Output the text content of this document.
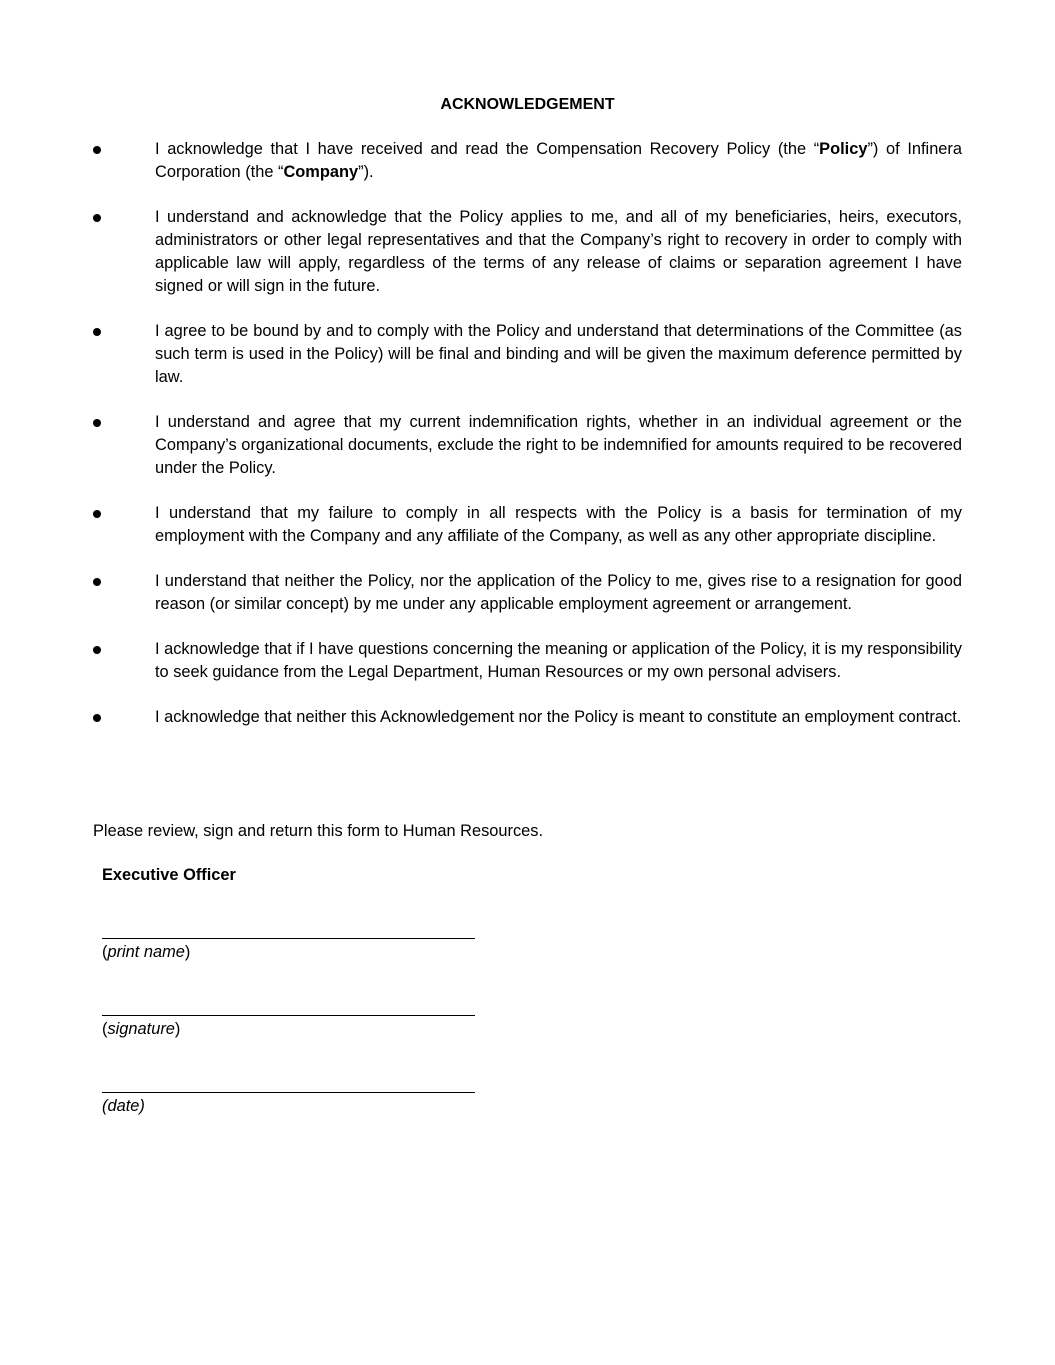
ACKNOWLEDGEMENT
I acknowledge that I have received and read the Compensation Recovery Policy (the “Policy”) of Infinera Corporation (the “Company”).
I understand and acknowledge that the Policy applies to me, and all of my beneficiaries, heirs, executors, administrators or other legal representatives and that the Company’s right to recovery in order to comply with applicable law will apply, regardless of the terms of any release of claims or separation agreement I have signed or will sign in the future.
I agree to be bound by and to comply with the Policy and understand that determinations of the Committee (as such term is used in the Policy) will be final and binding and will be given the maximum deference permitted by law.
I understand and agree that my current indemnification rights, whether in an individual agreement or the Company’s organizational documents, exclude the right to be indemnified for amounts required to be recovered under the Policy.
I understand that my failure to comply in all respects with the Policy is a basis for termination of my employment with the Company and any affiliate of the Company, as well as any other appropriate discipline.
I understand that neither the Policy, nor the application of the Policy to me, gives rise to a resignation for good reason (or similar concept) by me under any applicable employment agreement or arrangement.
I acknowledge that if I have questions concerning the meaning or application of the Policy, it is my responsibility to seek guidance from the Legal Department, Human Resources or my own personal advisers.
I acknowledge that neither this Acknowledgement nor the Policy is meant to constitute an employment contract.
Please review, sign and return this form to Human Resources.
Executive Officer
(print name)
(signature)
(date)
